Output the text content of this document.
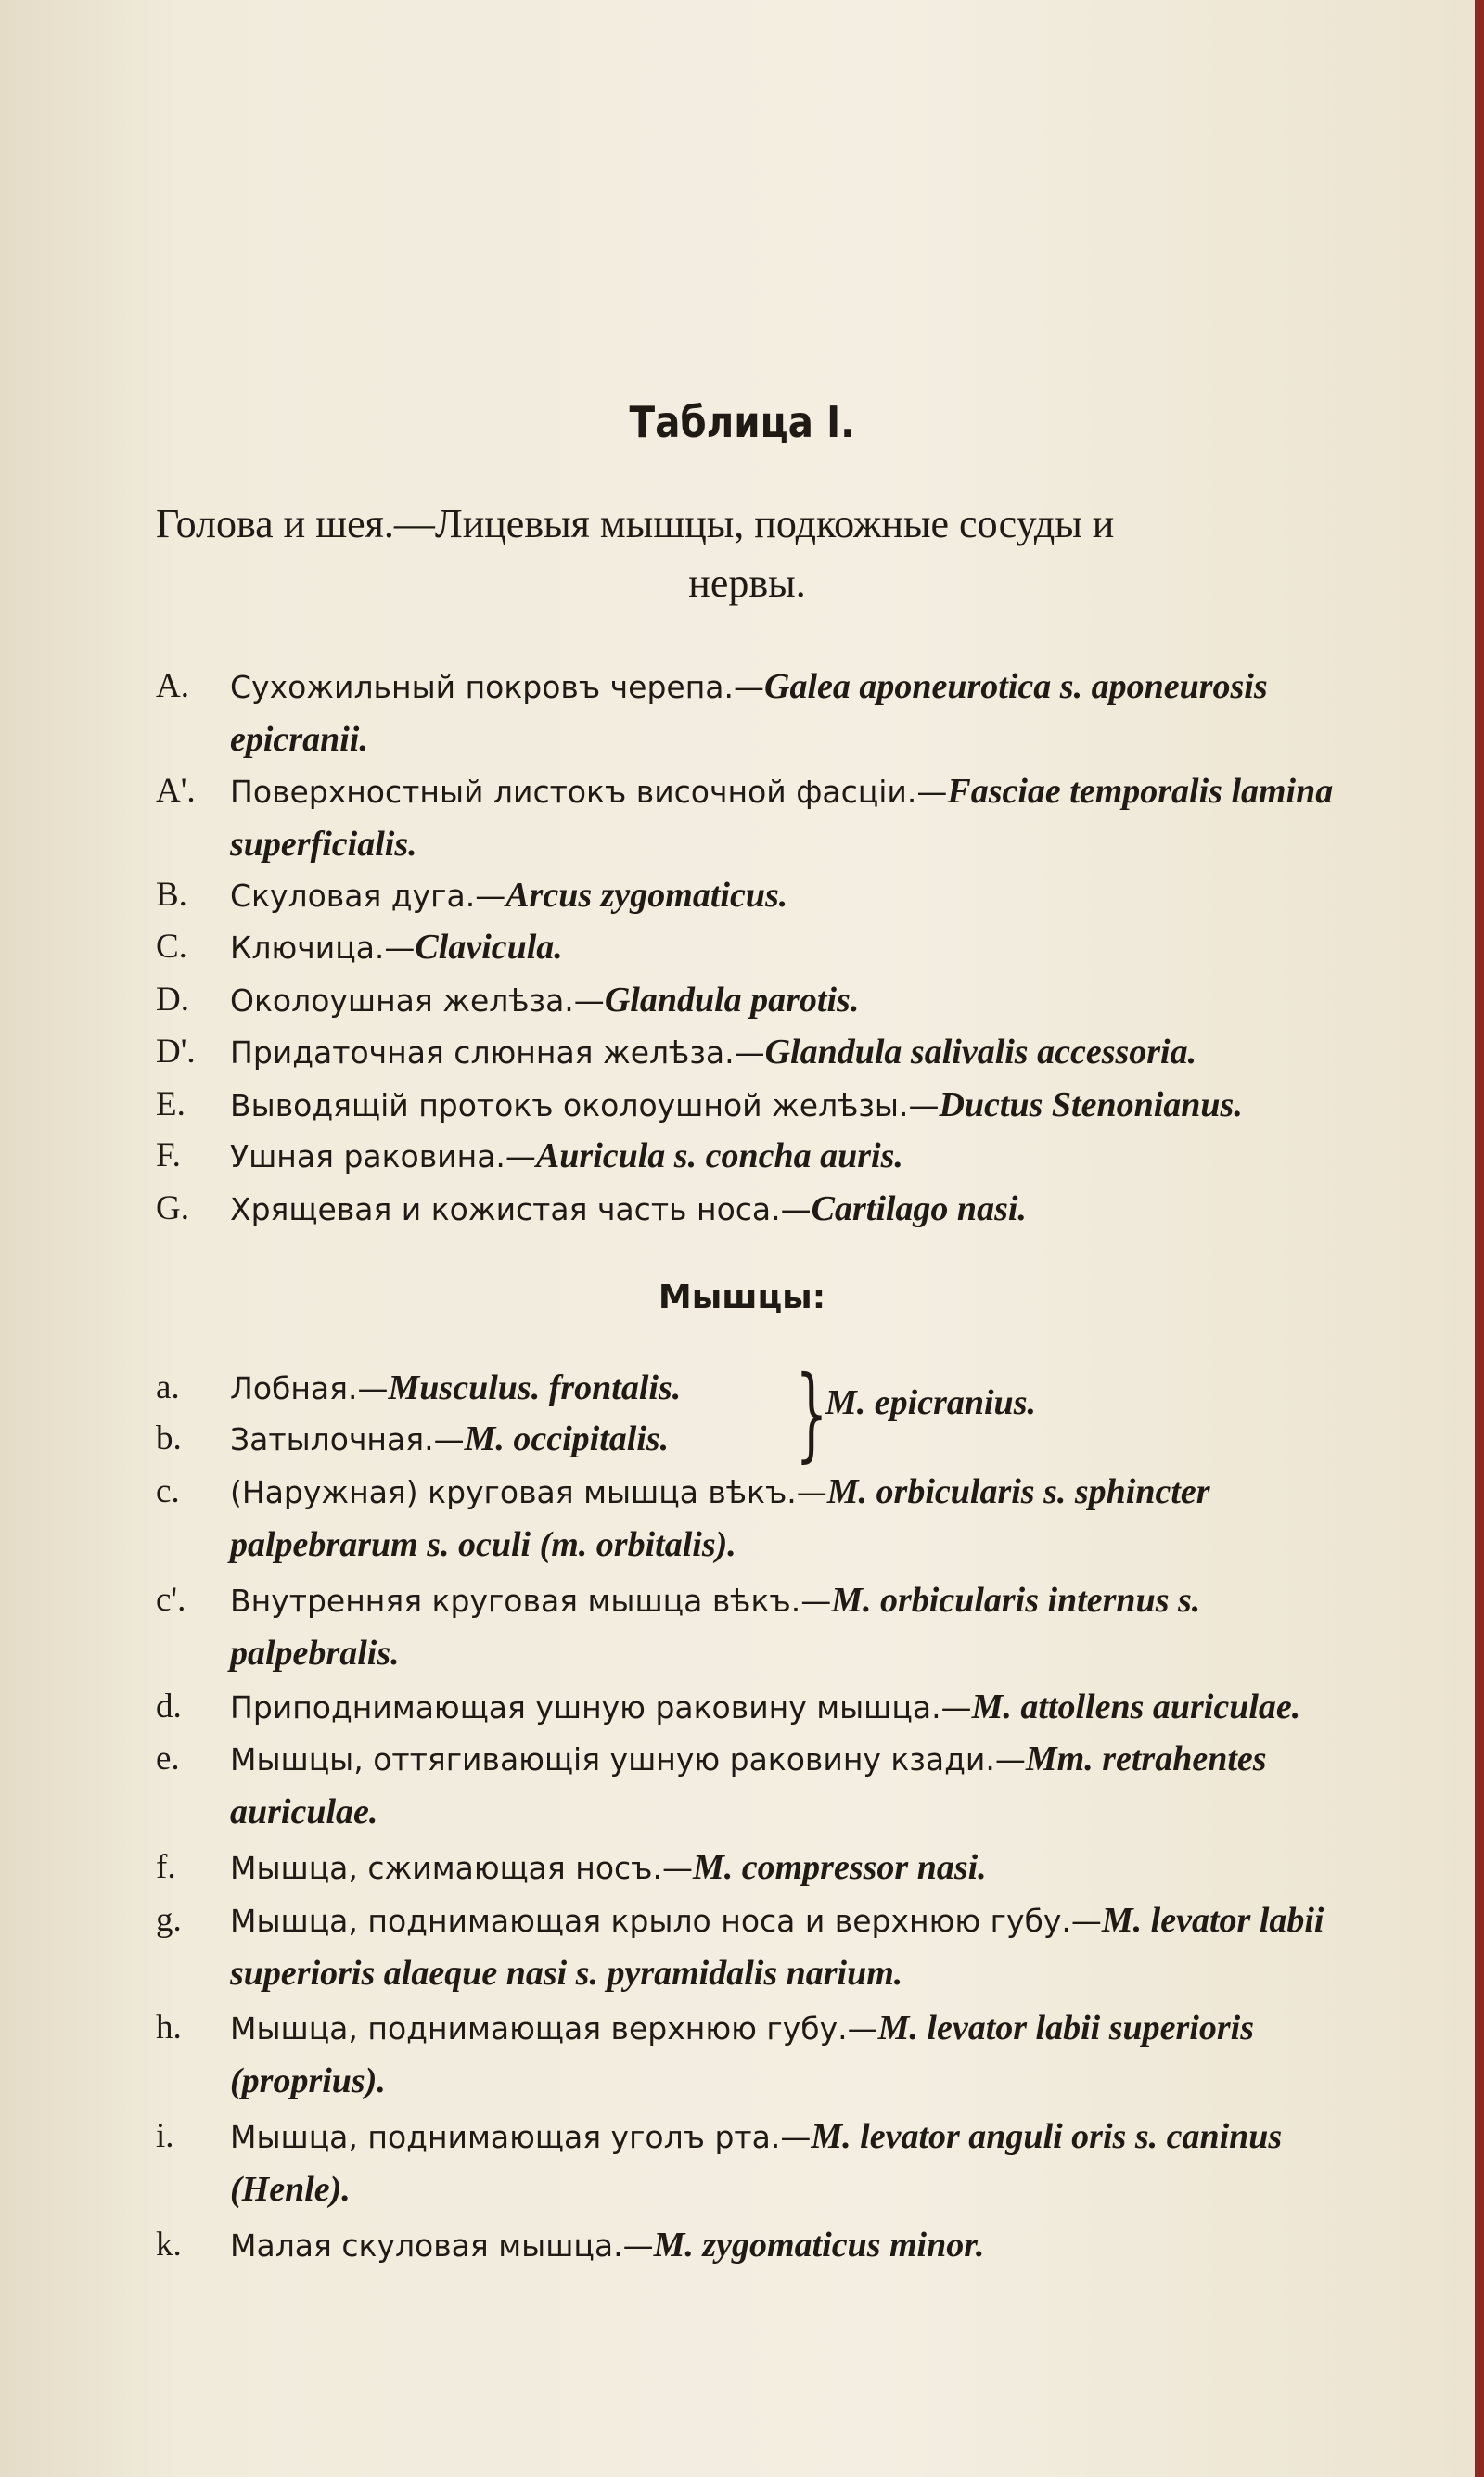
Таблица I.
Голова и шея.—Лицевыя мышцы, подкожные сосуды и
нервы.
A.	Сухожильный покровъ черепа.—Galea aponeurotica s. aponeurosis epicranii.
A'.	Поверхностный листокъ височной фасціи.—Fasciae temporalis lamina superficialis.
B.	Скуловая дуга.—Arcus zygomaticus.
C.	Ключица.—Clavicula.
D.	Околоушная желѣза.—Glandula parotis.
D'.	Придаточная слюнная желѣза.—Glandula salivalis accessoria.
E.	Выводящій протокъ околоушной желѣзы.—Ductus Stenonianus.
F.	Ушная раковина.—Auricula s. concha auris.
G.	Хрящевая и кожистая часть носа.—Cartilago nasi.
Мышцы:
a.	Лобная.—Musculus. frontalis.
b.	Затылочная.—M. occipitalis.
c.	(Наружная) круговая мышца вѣкъ.—M. orbicularis s. sphincter palpebrarum s. oculi (m. orbitalis).
c'.	Внутренняя круговая мышца вѣкъ.—M. orbicularis internus s. palpebralis.
d.	Приподнимающая ушную раковину мышца.—M. attollens auriculae.
e.	Мышцы, оттягивающія ушную раковину кзади.—Mm. retrahentes auriculae.
f.	Мышца, сжимающая носъ.—M. compressor nasi.
g.	Мышца, поднимающая крыло носа и верхнюю губу.—M. levator labii superioris alaeque nasi s. pyramidalis narium.
h.	Мышца, поднимающая верхнюю губу.—M. levator labii superioris (proprius).
i.	Мышца, поднимающая уголъ рта.—M. levator anguli oris s. caninus (Henle).
k.	Малая скуловая мышца.—M. zygomaticus minor.
}
M. epicranius.
